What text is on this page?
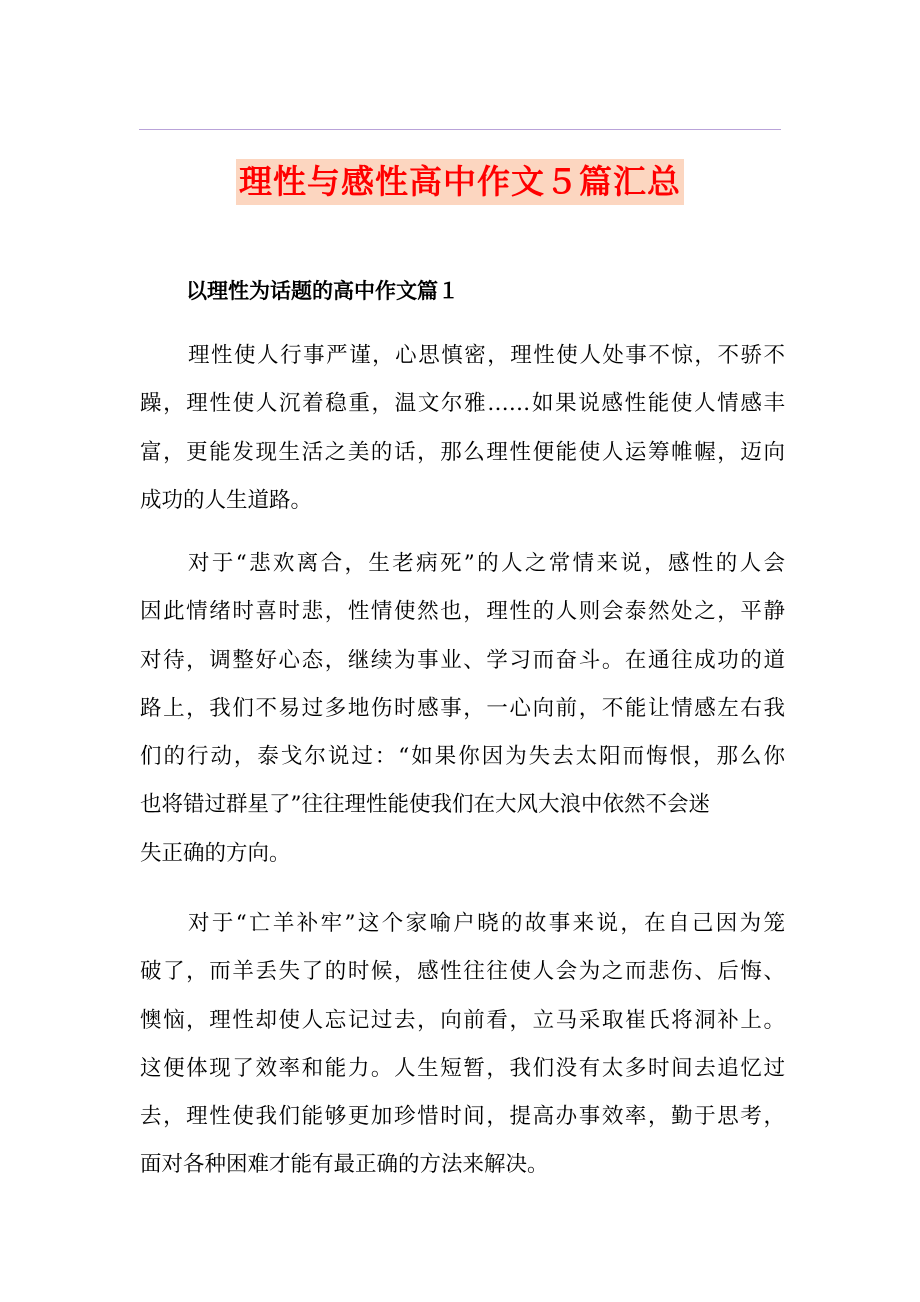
理性与感性高中作文５篇汇总
以理性为话题的高中作文篇１
理性使人行事严谨，心思慎密，理性使人处事不惊，不骄不
躁，理性使人沉着稳重，温文尔雅……如果说感性能使人情感丰
富，更能发现生活之美的话，那么理性便能使人运筹帷幄，迈向
成功的人生道路。
对于“悲欢离合，生老病死”的人之常情来说，感性的人会
因此情绪时喜时悲，性情使然也，理性的人则会泰然处之，平静
对待，调整好心态，继续为事业、学习而奋斗。在通往成功的道
路上，我们不易过多地伤时感事，一心向前，不能让情感左右我
们的行动，泰戈尔说过：“如果你因为失去太阳而悔恨，那么你
也将错过群星了”往往理性能使我们在大风大浪中依然不会迷
失正确的方向。
对于“亡羊补牢”这个家喻户晓的故事来说，在自己因为笼
破了，而羊丢失了的时候，感性往往使人会为之而悲伤、后悔、
懊恼，理性却使人忘记过去，向前看，立马采取崔氏将洞补上。
这便体现了效率和能力。人生短暂，我们没有太多时间去追忆过
去，理性使我们能够更加珍惜时间，提高办事效率，勤于思考，
面对各种困难才能有最正确的方法来解决。
